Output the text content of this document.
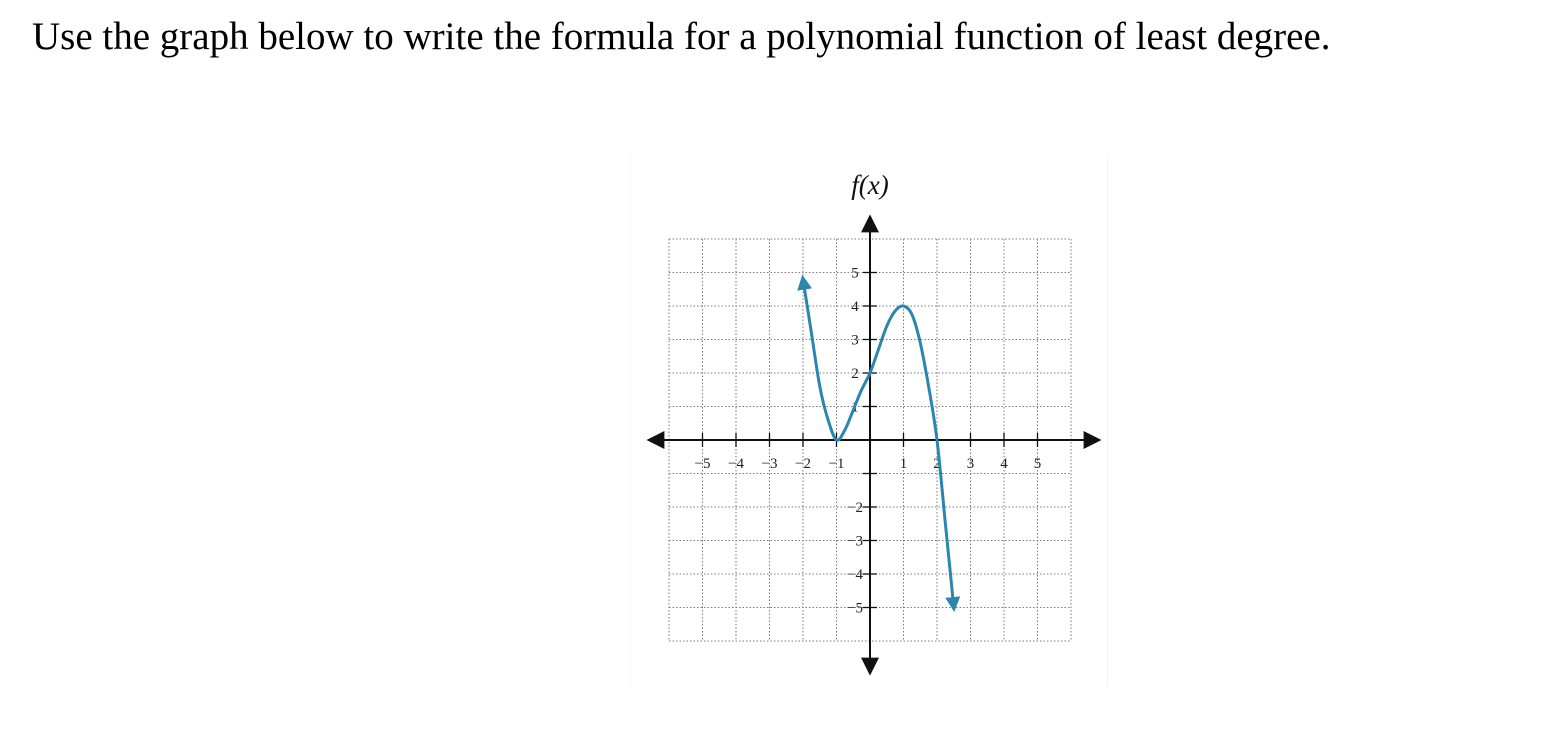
Use the graph below to write the formula for a polynomial function of least degree.
−5 −4 −3 −2 −1	1 2 3 4 5
−5
−4
−3
−2
1
2
3
4
5
f(x)
